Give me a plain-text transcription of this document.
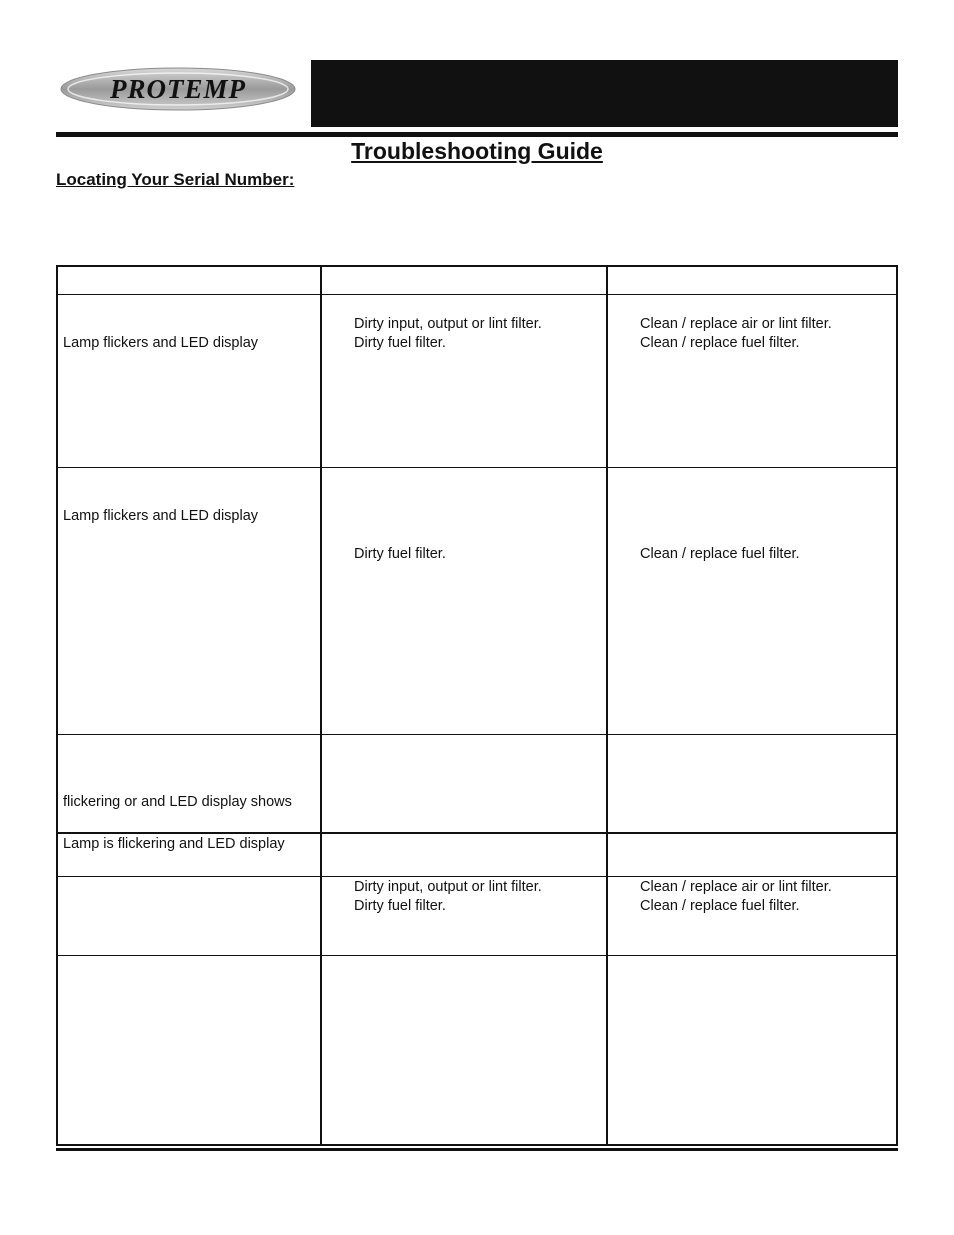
PROTEMP
Troubleshooting Guide
Locating Your Serial Number:
Lamp flickers and LED display
Dirty input, output or lint filter.
Dirty fuel filter.
Clean / replace air or lint filter.
Clean / replace fuel filter.
Lamp flickers and LED display
Dirty fuel filter.	Clean / replace fuel filter.
flickering or and LED display shows
Lamp is flickering and LED display
Dirty input, output or lint filter.
Dirty fuel filter.
Clean / replace air or lint filter.
Clean / replace fuel filter.
